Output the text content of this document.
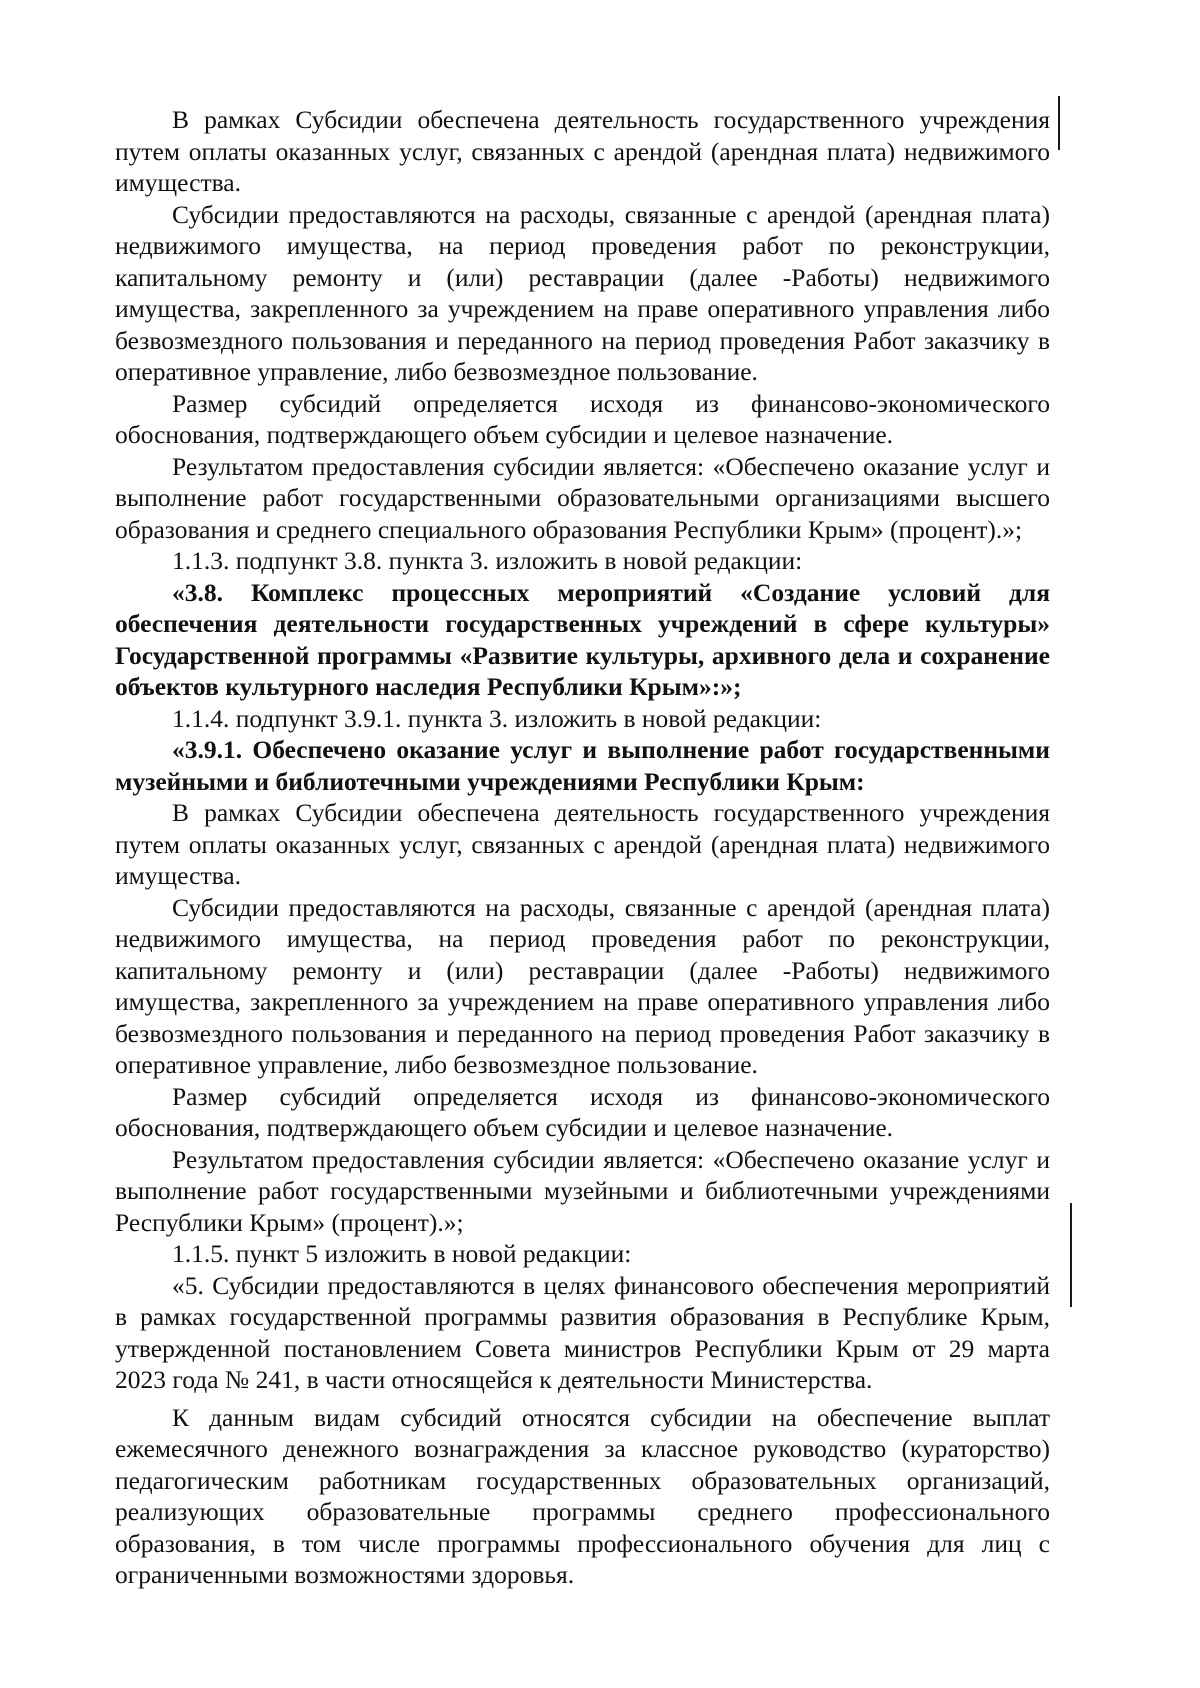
В рамках Субсидии обеспечена деятельность государственного учреждения путем оплаты оказанных услуг, связанных с арендой (арендная плата) недвижимого имущества.

Субсидии предоставляются на расходы, связанные с арендой (арендная плата) недвижимого имущества, на период проведения работ по реконструкции, капитальному ремонту и (или) реставрации (далее -Работы) недвижимого имущества, закрепленного за учреждением на праве оперативного управления либо безвозмездного пользования и переданного на период проведения Работ заказчику в оперативное управление, либо безвозмездное пользование.

Размер субсидий определяется исходя из финансово-экономического обоснования, подтверждающего объем субсидии и целевое назначение.

Результатом предоставления субсидии является: «Обеспечено оказание услуг и выполнение работ государственными образовательными организациями высшего образования и среднего специального образования Республики Крым» (процент).»;

1.1.3. подпункт 3.8. пункта 3. изложить в новой редакции:

«3.8. Комплекс процессных мероприятий «Создание условий для обеспечения деятельности государственных учреждений в сфере культуры» Государственной программы «Развитие культуры, архивного дела и сохранение объектов культурного наследия Республики Крым»:»;

1.1.4. подпункт 3.9.1. пункта 3. изложить в новой редакции:

«3.9.1. Обеспечено оказание услуг и выполнение работ государственными музейными и библиотечными учреждениями Республики Крым:

В рамках Субсидии обеспечена деятельность государственного учреждения путем оплаты оказанных услуг, связанных с арендой (арендная плата) недвижимого имущества.

Субсидии предоставляются на расходы, связанные с арендой (арендная плата) недвижимого имущества, на период проведения работ по реконструкции, капитальному ремонту и (или) реставрации (далее -Работы) недвижимого имущества, закрепленного за учреждением на праве оперативного управления либо безвозмездного пользования и переданного на период проведения Работ заказчику в оперативное управление, либо безвозмездное пользование.

Размер субсидий определяется исходя из финансово-экономического обоснования, подтверждающего объем субсидии и целевое назначение.

Результатом предоставления субсидии является: «Обеспечено оказание услуг и выполнение работ государственными музейными и библиотечными учреждениями Республики Крым» (процент).»;

1.1.5. пункт 5 изложить в новой редакции:

«5. Субсидии предоставляются в целях финансового обеспечения мероприятий в рамках государственной программы развития образования в Республике Крым, утвержденной постановлением Совета министров Республики Крым от 29 марта 2023 года № 241, в части относящейся к деятельности Министерства.

К данным видам субсидий относятся субсидии на обеспечение выплат ежемесячного денежного вознаграждения за классное руководство (кураторство) педагогическим работникам государственных образовательных организаций, реализующих образовательные программы среднего профессионального образования, в том числе программы профессионального обучения для лиц с ограниченными возможностями здоровья.
